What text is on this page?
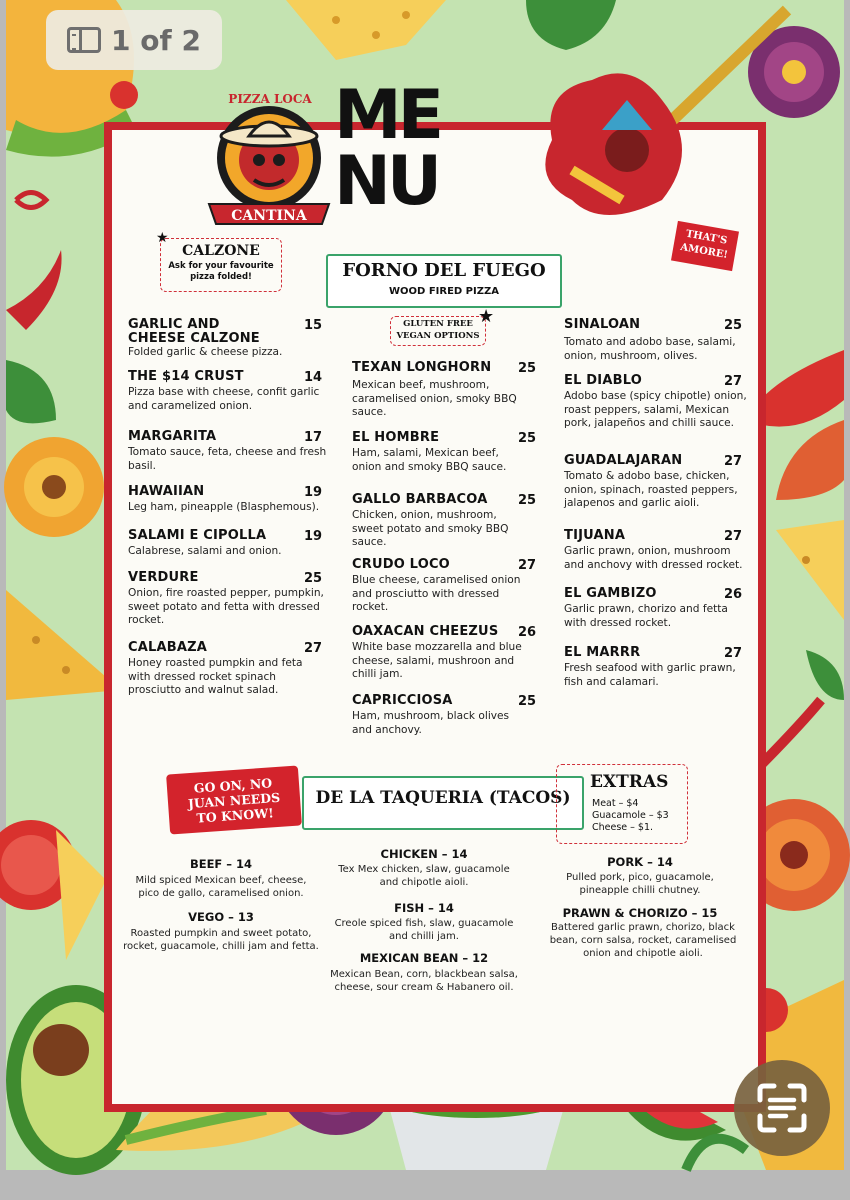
PIZZA LOCA
CANTINA
ME
NU
CALZONE
Ask for your favourite pizza folded!
★
FORNO DEL FUEGO
WOOD FIRED PIZZA
GLUTEN FREE
VEGAN OPTIONS
★
THAT'S AMORE!
GO ON, NO JUAN NEEDS TO KNOW!
DE LA TAQUERIA (TACOS)
EXTRAS
Meat – $4
Guacamole – $3
Cheese – $1.
BEEF – 14
Mild spiced Mexican beef, cheese, pico de gallo, caramelised onion.
VEGO – 13
Roasted pumpkin and sweet potato, rocket, guacamole, chilli jam and fetta.
CHICKEN – 14
Tex Mex chicken, slaw, guacamole and chipotle aioli.
FISH – 14
Creole spiced fish, slaw, guacamole and chilli jam.
MEXICAN BEAN – 12
Mexican Bean, corn, blackbean salsa, cheese, sour cream & Habanero oil.
PORK – 14
Pulled pork, pico, guacamole, pineapple chilli chutney.
PRAWN & CHORIZO – 15
Battered garlic prawn, chorizo, black bean, corn salsa, rocket, caramelised onion and chipotle aioli.
GARLIC AND
CHEESE CALZONE
15
Folded garlic & cheese pizza.
THE $14 CRUST	14
Pizza base with cheese, confit garlic and caramelized onion.
MARGARITA	17
Tomato sauce, feta, cheese and fresh basil.
HAWAIIAN	19
Leg ham, pineapple (Blasphemous).
SALAMI E CIPOLLA	19
Calabrese, salami and onion.
VERDURE	25
Onion, fire roasted pepper, pumpkin, sweet potato and fetta with dressed rocket.
CALABAZA	27
Honey roasted pumpkin and feta with dressed rocket spinach prosciutto and walnut salad.
TEXAN LONGHORN 25
Mexican beef, mushroom, caramelised onion, smoky BBQ sauce.
EL HOMBRE	25
Ham, salami, Mexican beef, onion and smoky BBQ sauce.
GALLO BARBACOA 25
Chicken, onion, mushroom, sweet potato and smoky BBQ sauce.
CRUDO LOCO	27
Blue cheese, caramelised onion and prosciutto with dressed rocket.
OAXACAN CHEEZUS 26
White base mozzarella and blue cheese, salami, mushroon and chilli jam.
CAPRICCIOSA	25
Ham, mushroom, black olives and anchovy.
SINALOAN	25
Tomato and adobo base, salami, onion, mushroom, olives.
EL DIABLO	27
Adobo base (spicy chipotle) onion, roast peppers, salami, Mexican pork, jalapeños and chilli sauce.
GUADALAJARAN	27
Tomato & adobo base, chicken, onion, spinach, roasted peppers, jalapenos and garlic aioli.
TIJUANA	27
Garlic prawn, onion, mushroom and anchovy with dressed rocket.
EL GAMBIZO	26
Garlic prawn, chorizo and fetta with dressed rocket.
EL MARRR	27
Fresh seafood with garlic prawn, fish and calamari.
1 of 2
